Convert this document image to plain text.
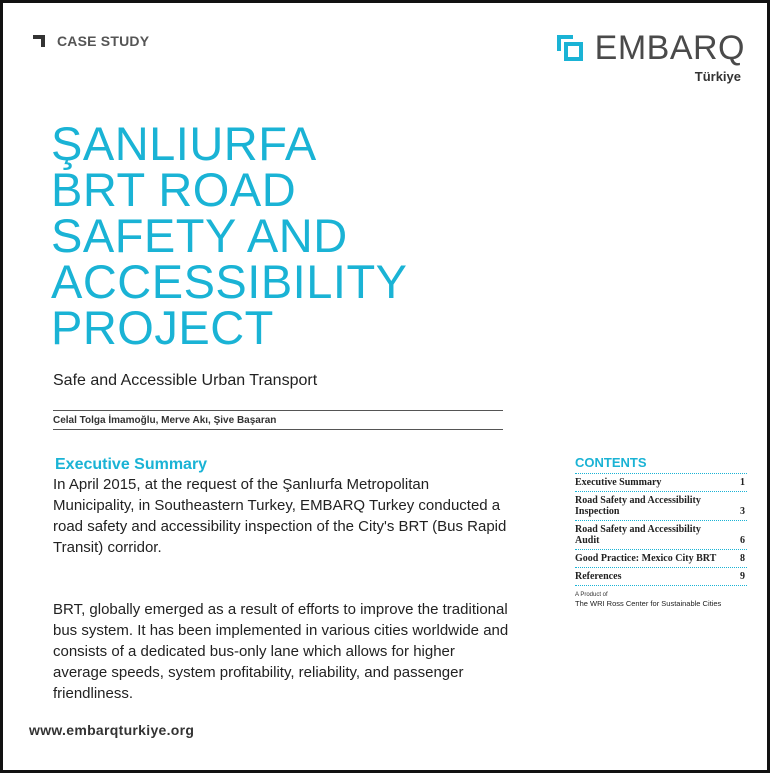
CASE STUDY	EMBARQ
Türkiye
ŞANLIURFA
BRT ROAD
SAFETY AND
ACCESSIBILITY
PROJECT
Safe and Accessible Urban Transport
Celal Tolga İmamoğlu, Merve Akı, Şive Başaran
Executive Summary
In April 2015, at the request of the Şanlıurfa Metropolitan Municipality, in Southeastern Turkey, EMBARQ Turkey conducted a road safety and accessibility inspection of the City's BRT (Bus Rapid Transit) corridor.
BRT, globally emerged as a result of efforts to improve the traditional bus system. It has been implemented in various cities worldwide and consists of a dedicated bus-only lane which allows for higher average speeds, system profitability, reliability, and passenger friendliness.
CONTENTS
Executive Summary	1
Road Safety and Accessibility Inspection	3
Road Safety and Accessibility Audit	6
Good Practice: Mexico City BRT	8
References	9
A Product of
The WRI Ross Center for Sustainable Cities
www.embarqturkiye.org
